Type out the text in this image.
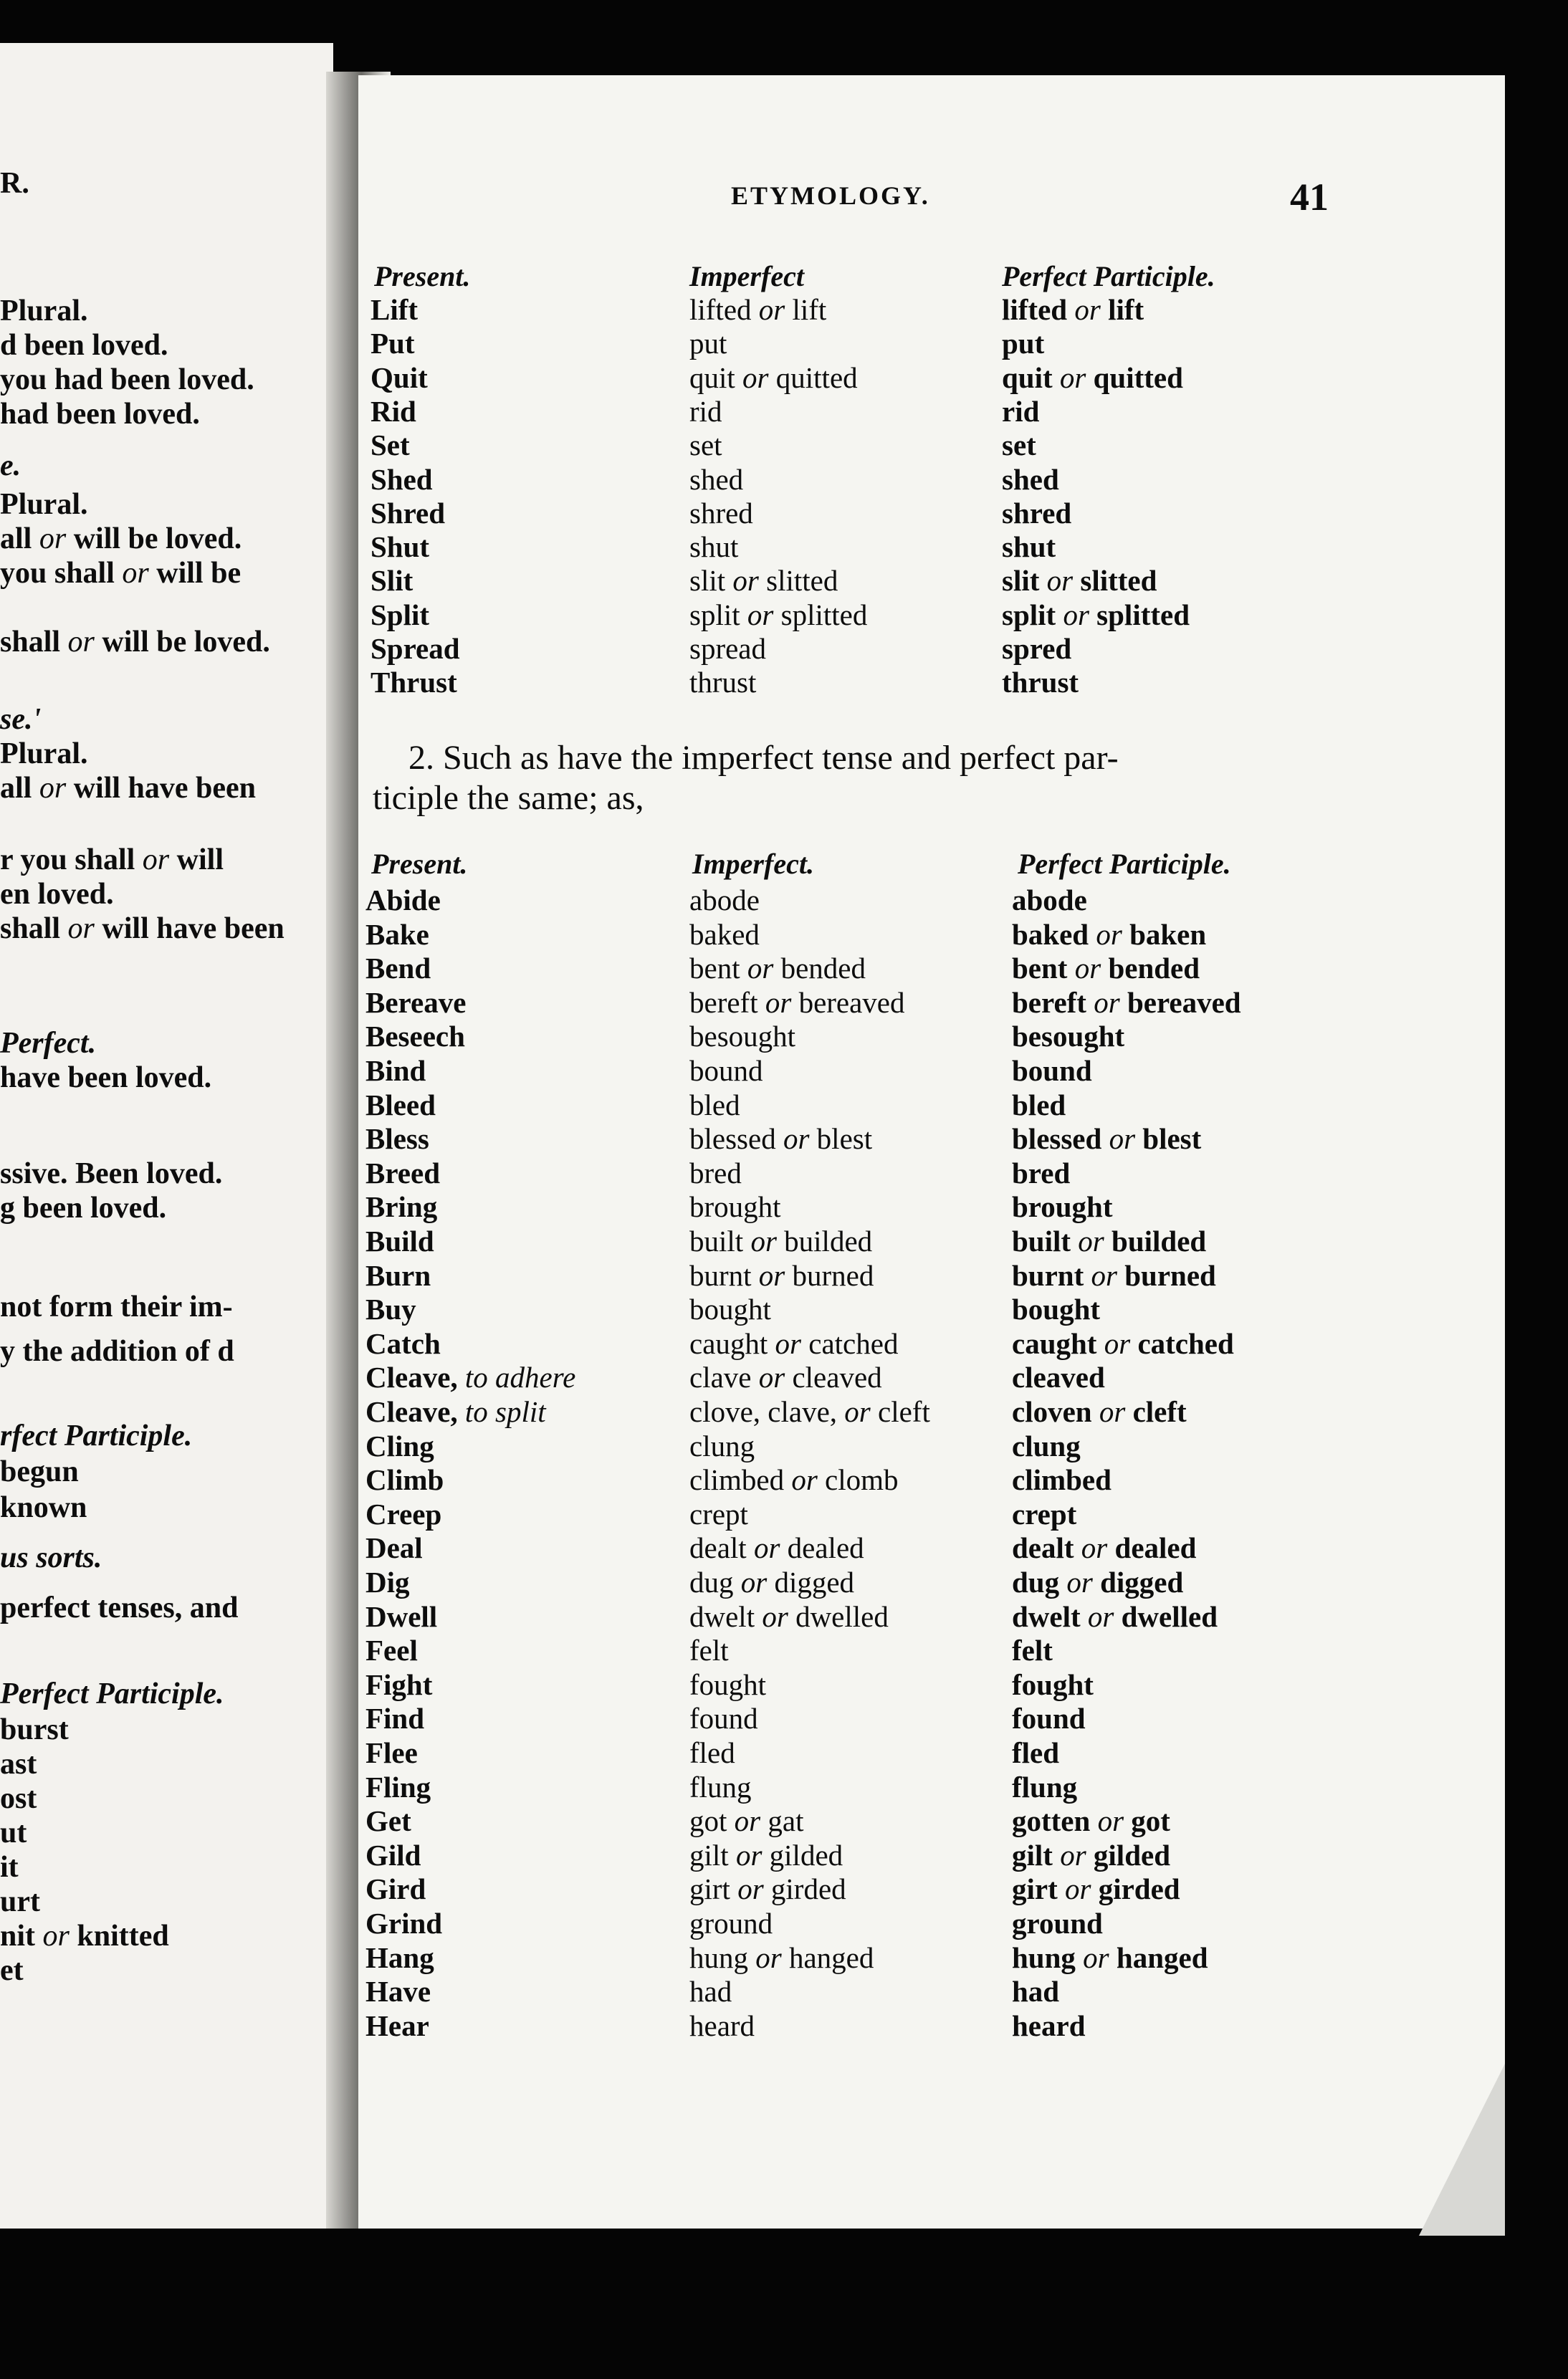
ETYMOLOGY.	41
Present.	Imperfect	Perfect Participle.
Lift	lifted or lift	lifted or lift
Put	put	put
Quit	quit or quitted	quit or quitted
Rid	rid	rid
Set	set	set
Shed	shed	shed
Shred	shred	shred
Shut	shut	shut
Slit	slit or slitted	slit or slitted
Split	split or splitted	split or splitted
Spread	spread	spred
Thrust	thrust	thrust
2. Such as have the imperfect tense and perfect par-
ticiple the same; as,
Present.	Imperfect.	Perfect Participle.
Abide	abode	abode
Bake	baked	baked or baken
Bend	bent or bended	bent or bended
Bereave	bereft or bereaved	bereft or bereaved
Beseech	besought	besought
Bind	bound	bound
Bleed	bled	bled
Bless	blessed or blest	blessed or blest
Breed	bred	bred
Bring	brought	brought
Build	built or builded	built or builded
Burn	burnt or burned	burnt or burned
Buy	bought	bought
Catch	caught or catched	caught or catched
Cleave, to adhere	clave or cleaved	cleaved
Cleave, to split	clove, clave, or cleft	cloven or cleft
Cling	clung	clung
Climb	climbed or clomb	climbed
Creep	crept	crept
Deal	dealt or dealed	dealt or dealed
Dig	dug or digged	dug or digged
Dwell	dwelt or dwelled	dwelt or dwelled
Feel	felt	felt
Fight	fought	fought
Find	found	found
Flee	fled	fled
Fling	flung	flung
Get	got or gat	gotten or got
Gild	gilt or gilded	gilt or gilded
Gird	girt or girded	girt or girded
Grind	ground	ground
Hang	hung or hanged	hung or hanged
Have	had	had
Hear	heard	heard
R.
Plural.
d been loved.
you had been loved.
had been loved.
e.
Plural.
all or will be loved.
you shall or will be
shall or will be loved.
se.'
Plural.
all or will have been
r you shall or will
en loved.
shall or will have been
Perfect.
have been loved.
ssive. Been loved.
g been loved.
not form their im-
y the addition of d
rfect Participle.
begun
known
us sorts.
perfect tenses, and
Perfect Participle.
burst
ast
ost
ut
it
urt
nit or knitted
et
